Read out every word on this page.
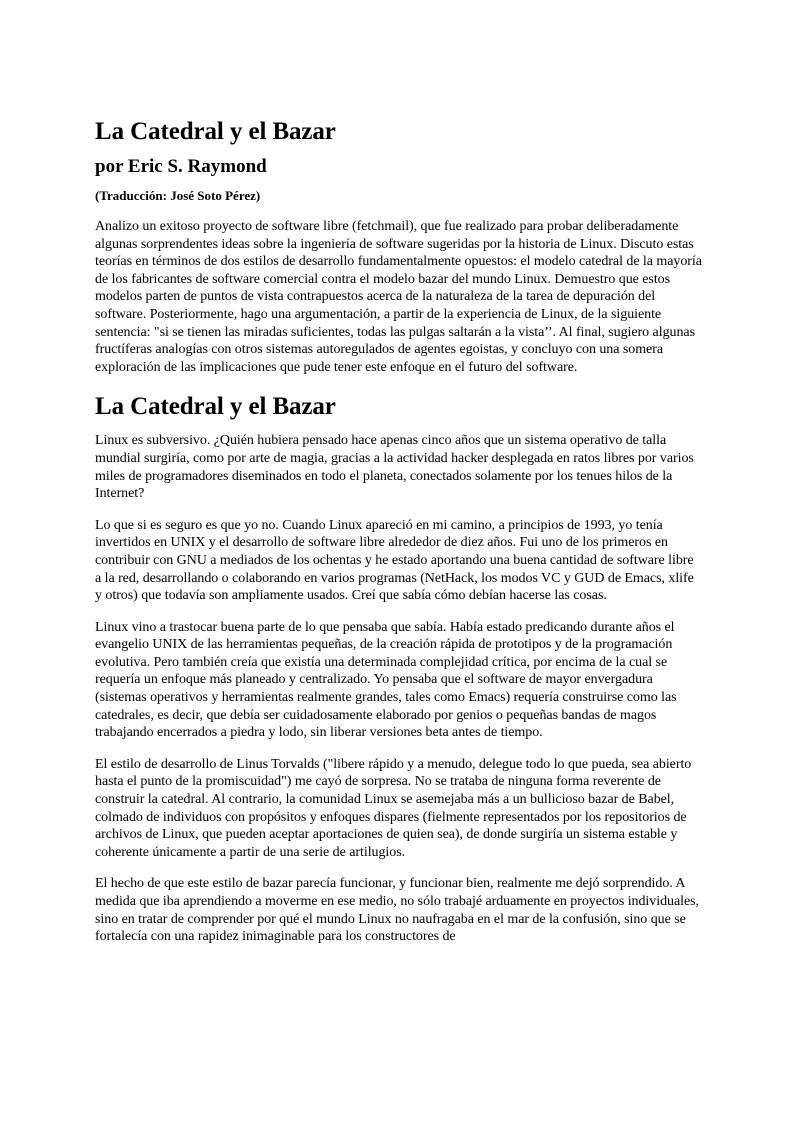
La Catedral y el Bazar
por Eric S. Raymond
(Traducción: José Soto Pérez)

Analizo un exitoso proyecto de software libre (fetchmail), que fue realizado para probar deliberadamente algunas sorprendentes ideas sobre la ingeniería de software sugeridas por la historia de Linux. Discuto estas teorías en términos de dos estilos de desarrollo fundamentalmente opuestos: el modelo catedral de la mayoría de los fabricantes de software comercial contra el modelo bazar del mundo Linux. Demuestro que estos modelos parten de puntos de vista contrapuestos acerca de la naturaleza de la tarea de depuración del software. Posteriormente, hago una argumentación, a partir de la experiencia de Linux, de la siguiente sentencia: "si se tienen las miradas suficientes, todas las pulgas saltarán a la vista’’. Al final, sugiero algunas fructíferas analogías con otros sistemas autoregulados de agentes egoistas, y concluyo con una somera exploración de las implicaciones que pude tener este enfoque en el futuro del software.

La Catedral y el Bazar

Linux es subversivo. ¿Quién hubiera pensado hace apenas cinco años que un sistema operativo de talla mundial surgiría, como por arte de magia, gracias a la actividad hacker desplegada en ratos libres por varios miles de programadores diseminados en todo el planeta, conectados solamente por los tenues hilos de la Internet?

Lo que si es seguro es que yo no. Cuando Linux apareció en mi camino, a principios de 1993, yo tenía invertidos en UNIX y el desarrollo de software libre alrededor de diez años. Fui uno de los primeros en contribuir con GNU a mediados de los ochentas y he estado aportando una buena cantidad de software libre a la red, desarrollando o colaborando en varios programas (NetHack, los modos VC y GUD de Emacs, xlife y otros) que todavía son ampliamente usados. Creí que sabía cómo debían hacerse las cosas.

Linux vino a trastocar buena parte de lo que pensaba que sabía. Había estado predicando durante años el evangelio UNIX de las herramientas pequeñas, de la creación rápida de prototipos y de la programación evolutiva. Pero también creía que existía una determinada complejidad crítica, por encima de la cual se requería un enfoque más planeado y centralizado. Yo pensaba que el software de mayor envergadura (sistemas operativos y herramientas realmente grandes, tales como Emacs) requería construirse como las catedrales, es decir, que debía ser cuidadosamente elaborado por genios o pequeñas bandas de magos trabajando encerrados a piedra y lodo, sin liberar versiones beta antes de tiempo.

El estilo de desarrollo de Linus Torvalds ("libere rápido y a menudo, delegue todo lo que pueda, sea abierto hasta el punto de la promiscuidad") me cayó de sorpresa. No se trataba de ninguna forma reverente de construir la catedral. Al contrario, la comunidad Linux se asemejaba más a un bullicioso bazar de Babel, colmado de individuos con propósitos y enfoques dispares (fielmente representados por los repositorios de archivos de Linux, que pueden aceptar aportaciones de quien sea), de donde surgiría un sistema estable y coherente únicamente a partir de una serie de artilugios.

El hecho de que este estilo de bazar parecía funcionar, y funcionar bien, realmente me dejó sorprendido. A medida que iba aprendiendo a moverme en ese medio, no sólo trabajé arduamente en proyectos individuales, sino en tratar de comprender por qué el mundo Linux no naufragaba en el mar de la confusión, sino que se fortalecía con una rapidez inimaginable para los constructores de
